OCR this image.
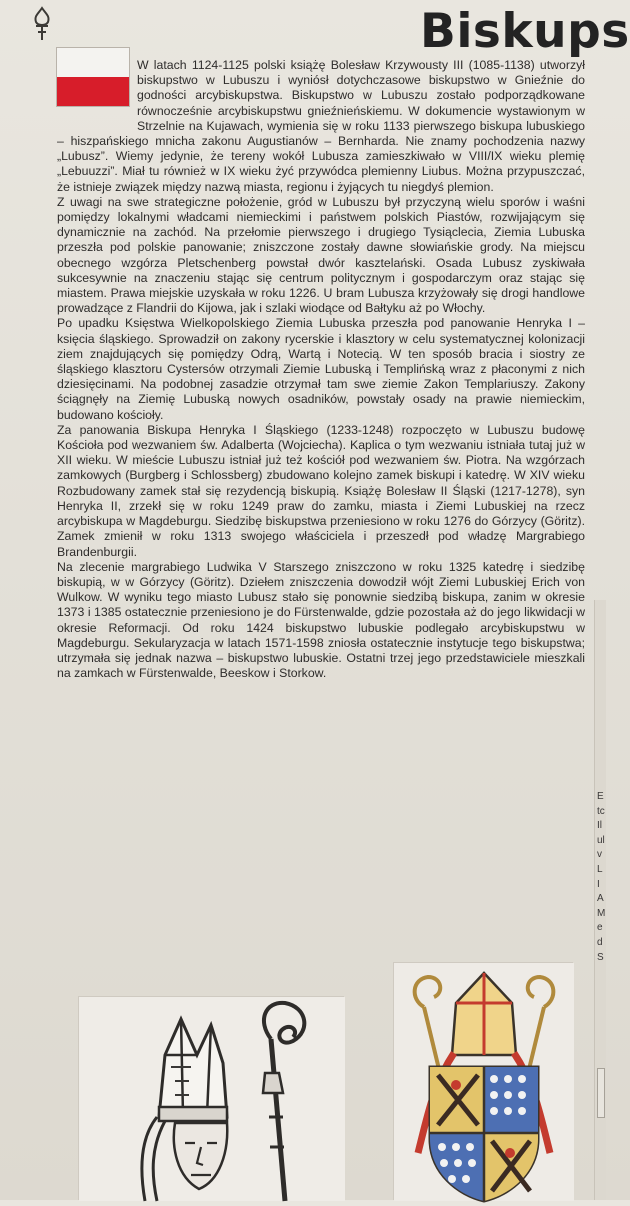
Biskups

W latach 1124-1125 polski książę Bolesław Krzywousty III (1085-1138) utworzył biskupstwo w Lubuszu i wyniósł dotychczasowe biskupstwo w Gnieźnie do godności arcybiskupstwa. Biskupstwo w Lubuszu zostało podporządkowane równocześnie arcybiskupstwu gnieźnieńskiemu. W dokumencie wystawionym w Strzelnie na Kujawach, wymienia się w roku 1133 pierwszego biskupa lubuskiego – hiszpańskiego mnicha zakonu Augustianów – Bernharda. Nie znamy pochodzenia nazwy „Lubusz”. Wiemy jedynie, że tereny wokół Lubusza zamieszkiwało w VIII/IX wieku plemię „Lebuuzzi”. Miał tu również w IX wieku żyć przywódca plemienny Liubus. Można przypuszczać, że istnieje związek między nazwą miasta, regionu i żyjących tu niegdyś plemion.

Z uwagi na swe strategiczne położenie, gród w Lubuszu był przyczyną wielu sporów i waśni pomiędzy lokalnymi władcami niemieckimi i państwem polskich Piastów, rozwijającym się dynamicznie na zachód. Na przełomie pierwszego i drugiego Tysiąclecia, Ziemia Lubuska przeszła pod polskie panowanie; zniszczone zostały dawne słowiańskie grody. Na miejscu obecnego wzgórza Pletschenberg powstał dwór kasztelański. Osada Lubusz zyskiwała sukcesywnie na znaczeniu stając się centrum politycznym i gospodarczym oraz stając się miastem. Prawa miejskie uzyskała w roku 1226. U bram Lubusza krzyżowały się drogi handlowe prowadzące z Flandrii do Kijowa, jak i szlaki wiodące od Bałtyku aż po Włochy.

Po upadku Księstwa Wielkopolskiego Ziemia Lubuska przeszła pod panowanie Henryka I – księcia śląskiego. Sprowadził on zakony rycerskie i klasztory w celu systematycznej kolonizacji ziem znajdujących się pomiędzy Odrą, Wartą i Notecią. W ten sposób bracia i siostry ze śląskiego klasztoru Cystersów otrzymali Ziemie Lubuską i Templińską wraz z płaconymi z nich dziesięcinami. Na podobnej zasadzie otrzymał tam swe ziemie Zakon Templariuszy. Zakony ściągnęły na Ziemię Lubuską nowych osadników, powstały osady na prawie niemieckim, budowano kościoły.

Za panowania Biskupa Henryka I Śląskiego (1233-1248) rozpoczęto w Lubuszu budowę Kościoła pod wezwaniem św. Adalberta (Wojciecha). Kaplica o tym wezwaniu istniała tutaj już w XII wieku. W mieście Lubuszu istniał już też kościół pod wezwaniem św. Piotra. Na wzgórzach zamkowych (Burgberg i Schlossberg) zbudowano kolejno zamek biskupi i katedrę. W XIV wieku Rozbudowany zamek stał się rezydencją biskupią. Książę Bolesław II Śląski (1217-1278), syn Henryka II, zrzekł się w roku 1249 praw do zamku, miasta i Ziemi Lubuskiej na rzecz arcybiskupa w Magdeburgu. Siedzibę biskupstwa przeniesiono w roku 1276 do Górzycy (Göritz). Zamek zmienił w roku 1313 swojego właściciela i przeszedł pod władzę Margrabiego Brandenburgii.

Na zlecenie margrabiego Ludwika V Starszego zniszczono w roku 1325 katedrę i siedzibę biskupią, w w Górzycy (Göritz). Dziełem zniszczenia dowodził wójt Ziemi Lubuskiej Erich von Wulkow. W wyniku tego miasto Lubusz stało się ponownie siedzibą biskupa, zanim w okresie 1373 i 1385 ostatecznie przeniesiono je do Fürstenwalde, gdzie pozostała aż do jego likwidacji w okresie Reformacji. Od roku 1424 biskupstwo lubuskie podlegało arcybiskupstwu w Magdeburgu. Sekularyzacja w latach 1571-1598 zniosła ostatecznie instytucje tego biskupstwa; utrzymała się jednak nazwa – biskupstwo lubuskie. Ostatni trzej jego przedstawiciele mieszkali na zamkach w Fürstenwalde, Beeskow i Storkow.

EtcIlulvLIAMedS
